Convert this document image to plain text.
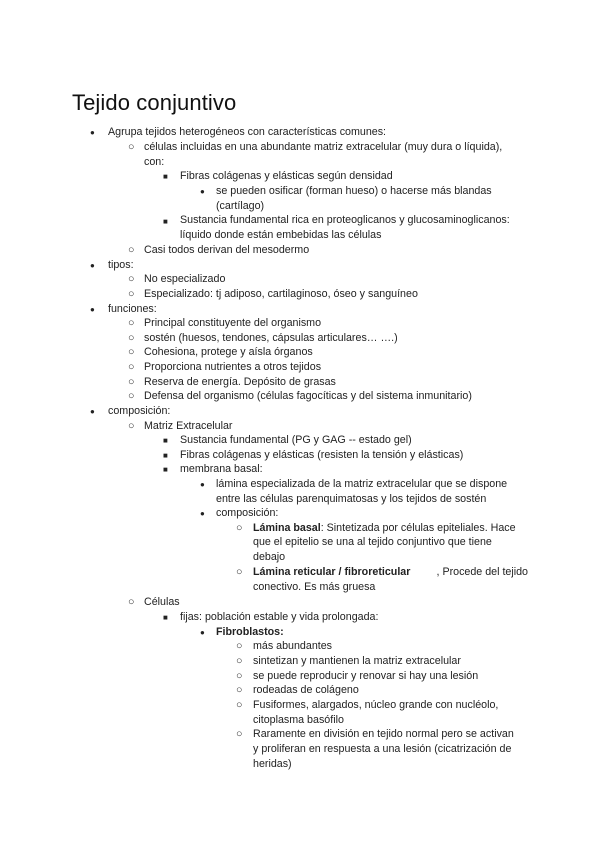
Tejido conjuntivo
● Agrupa tejidos heterogéneos con características comunes:
○ células incluidas en una abundante matriz extracelular (muy dura o líquida),
con:
■ Fibras colágenas y elásticas según densidad
● se pueden osificar (forman hueso) o hacerse más blandas
(cartílago)
■ Sustancia fundamental rica en proteoglicanos y glucosaminoglicanos:
líquido donde están embebidas las células
○ Casi todos derivan del mesodermo
● tipos:
○ No especializado
○ Especializado: tj adiposo, cartilaginoso, óseo y sanguíneo
● funciones:
○ Principal constituyente del organismo
○ sostén (huesos, tendones, cápsulas articulares… ….)
○ Cohesiona, protege y aísla órganos
○ Proporciona nutrientes a otros tejidos
○ Reserva de energía. Depósito de grasas
○ Defensa del organismo (células fagocíticas y del sistema inmunitario)
● composición:
○ Matriz Extracelular
■ Sustancia fundamental (PG y GAG -- estado gel)
■ Fibras colágenas y elásticas (resisten la tensión y elásticas)
■ membrana basal:
● lámina especializada de la matriz extracelular que se dispone
entre las células parenquimatosas y los tejidos de sostén
● composición:
○ Lámina basal: Sintetizada por células epiteliales. Hace
que el epitelio se una al tejido conjuntivo que tiene
debajo
○ Lámina reticular / fibroreticular , Procede del tejido
conectivo. Es más gruesa
○ Células
■ fijas: población estable y vida prolongada:
● Fibroblastos:
○ más abundantes
○ sintetizan y mantienen la matriz extracelular
○ se puede reproducir y renovar si hay una lesión
○ rodeadas de colágeno
○ Fusiformes, alargados, núcleo grande con nucléolo,
citoplasma basófilo
○ Raramente en división en tejido normal pero se activan
y proliferan en respuesta a una lesión (cicatrización de
heridas)
